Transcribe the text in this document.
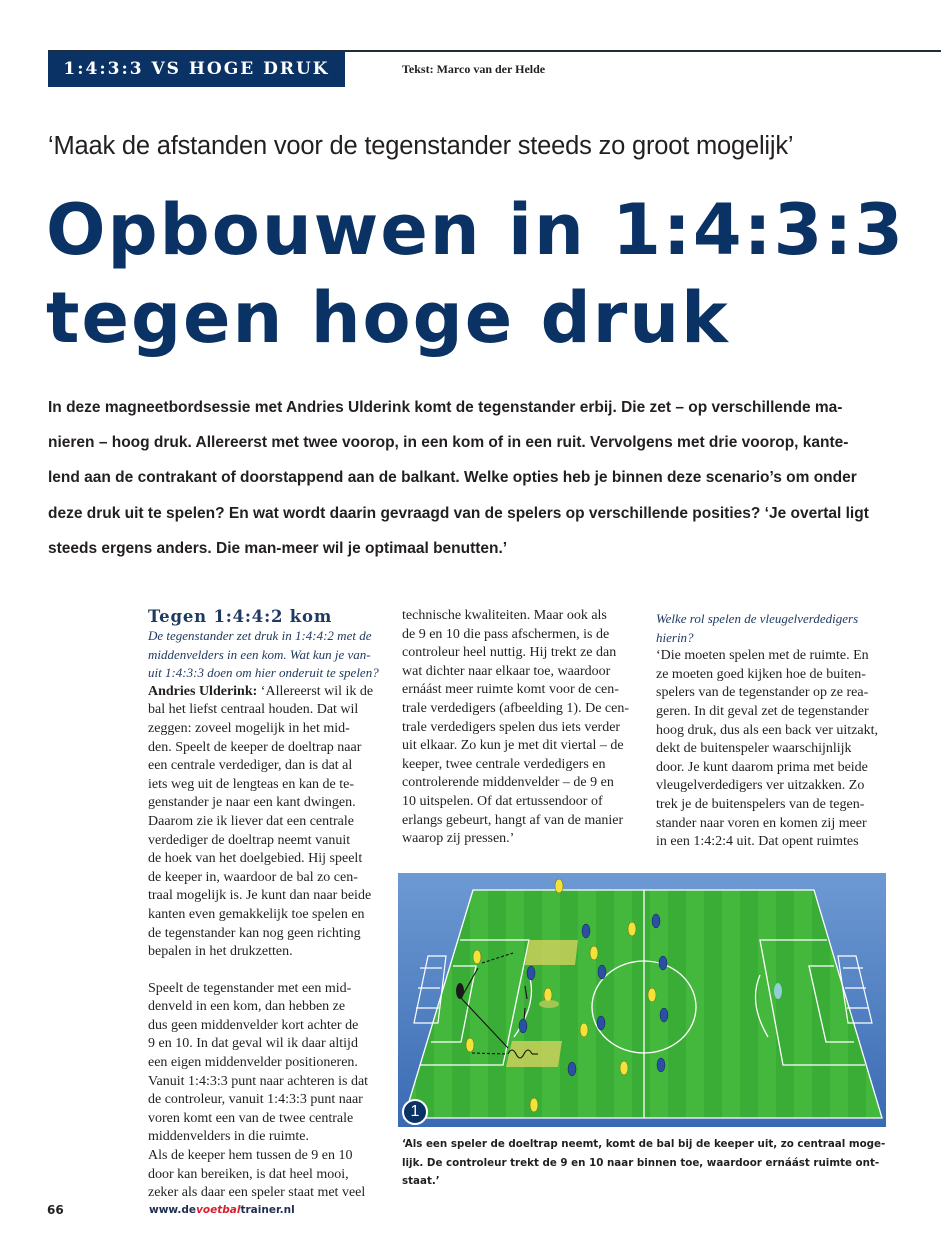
1:4:3:3 VS HOGE DRUK	Tekst: Marco van der Helde
‘Maak de afstanden voor de tegenstander steeds zo groot mogelijk’
Opbouwen in 1:4:3:3
tegen hoge druk
In deze magneetbordsessie met Andries Ulderink komt de tegenstander erbij. Die zet – op verschillende ma-
nieren – hoog druk. Allereerst met twee voorop, in een kom of in een ruit. Vervolgens met drie voorop, kante-
lend aan de contrakant of doorstappend aan de balkant. Welke opties heb je binnen deze scenario’s om onder
deze druk uit te spelen? En wat wordt daarin gevraagd van de spelers op verschillende posities? ‘Je overtal ligt
steeds ergens anders. Die man-meer wil je optimaal benutten.’
Tegen 1:4:4:2 kom
De tegenstander zet druk in 1:4:4:2 met de
middenvelders in een kom. Wat kun je van-
uit 1:4:3:3 doen om hier onderuit te spelen?
Andries Ulderink: ‘Allereerst wil ik de
bal het liefst centraal houden. Dat wil
zeggen: zoveel mogelijk in het mid-
den. Speelt de keeper de doeltrap naar
een centrale verdediger, dan is dat al
iets weg uit de lengteas en kan de te-
genstander je naar een kant dwingen.
Daarom zie ik liever dat een centrale
verdediger de doeltrap neemt vanuit
de hoek van het doelgebied. Hij speelt
de keeper in, waardoor de bal zo cen-
traal mogelijk is. Je kunt dan naar beide
kanten even gemakkelijk toe spelen en
de tegenstander kan nog geen richting
bepalen in het drukzetten.
Speelt de tegenstander met een mid-
denveld in een kom, dan hebben ze
dus geen middenvelder kort achter de
9 en 10. In dat geval wil ik daar altijd
een eigen middenvelder positioneren.
Vanuit 1:4:3:3 punt naar achteren is dat
de controleur, vanuit 1:4:3:3 punt naar
voren komt een van de twee centrale
middenvelders in die ruimte.
Als de keeper hem tussen de 9 en 10
door kan bereiken, is dat heel mooi,
zeker als daar een speler staat met veel
technische kwaliteiten. Maar ook als
de 9 en 10 die pass afschermen, is de
controleur heel nuttig. Hij trekt ze dan
wat dichter naar elkaar toe, waardoor
ernáást meer ruimte komt voor de cen-
trale verdedigers (afbeelding 1). De cen-
trale verdedigers spelen dus iets verder
uit elkaar. Zo kun je met dit viertal – de
keeper, twee centrale verdedigers en
controlerende middenvelder – de 9 en
10 uitspelen. Of dat ertussendoor of
erlangs gebeurt, hangt af van de manier
waarop zij pressen.’
Welke rol spelen de vleugelverdedigers
hierin?
‘Die moeten spelen met de ruimte. En
ze moeten goed kijken hoe de buiten-
spelers van de tegenstander op ze rea-
geren. In dit geval zet de tegenstander
hoog druk, dus als een back ver uitzakt,
dekt de buitenspeler waarschijnlijk
door. Je kunt daarom prima met beide
vleugelverdedigers ver uitzakken. Zo
trek je de buitenspelers van de tegen-
stander naar voren en komen zij meer
in een 1:4:2:4 uit. Dat opent ruimtes
1
‘Als een speler de doeltrap neemt, komt de bal bij de keeper uit, zo centraal moge-
lijk. De controleur trekt de 9 en 10 naar binnen toe, waardoor ernáást ruimte ont-
staat.’
66	www.devoetbaltrainer.nl
